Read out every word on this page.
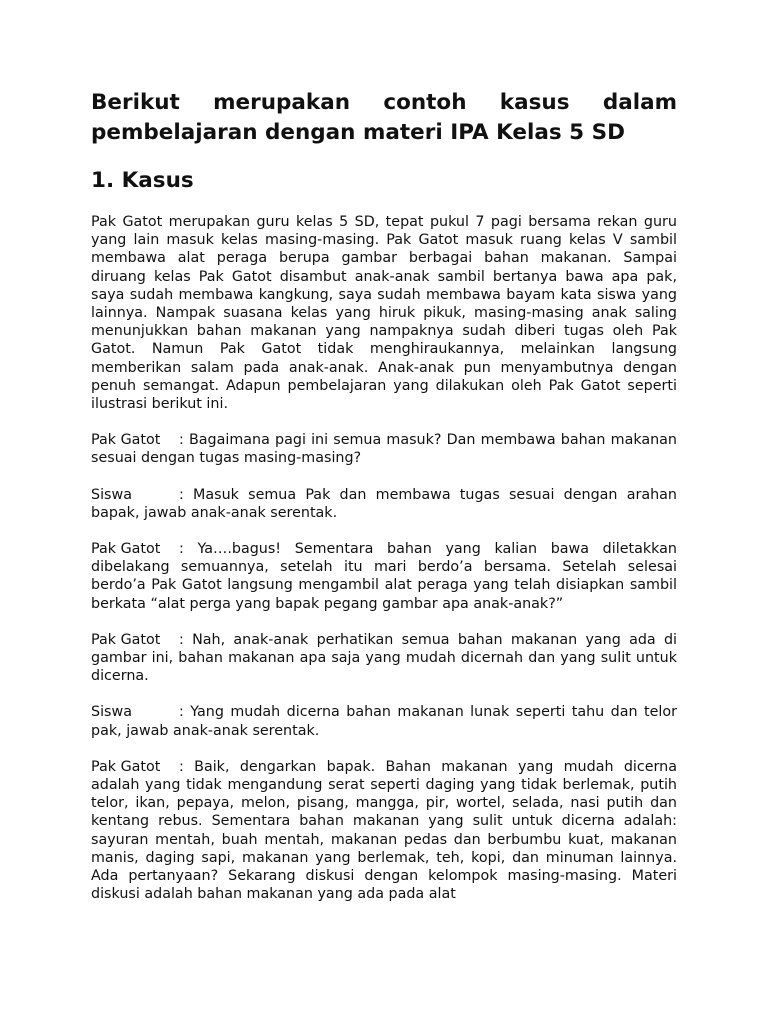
Berikut merupakan contoh kasus dalam pembelajaran dengan materi IPA Kelas 5 SD
1. Kasus

Pak Gatot merupakan guru kelas 5 SD, tepat pukul 7 pagi bersama rekan guru yang lain masuk kelas masing-masing. Pak Gatot masuk ruang kelas V sambil membawa alat peraga berupa gambar berbagai bahan makanan. Sampai diruang kelas Pak Gatot disambut anak-anak sambil bertanya bawa apa pak, saya sudah membawa kangkung, saya sudah membawa bayam kata siswa yang lainnya. Nampak suasana kelas yang hiruk pikuk, masing-masing anak saling menunjukkan bahan makanan yang nampaknya sudah diberi tugas oleh Pak Gatot. Namun Pak Gatot tidak menghiraukannya, melainkan langsung memberikan salam pada anak-anak. Anak-anak pun menyambutnya dengan penuh semangat. Adapun pembelajaran yang dilakukan oleh Pak Gatot seperti ilustrasi berikut ini.

Pak Gatot : Bagaimana pagi ini semua masuk? Dan membawa bahan makanan sesuai dengan tugas masing-masing?

Siswa	: Masuk semua Pak dan membawa tugas sesuai dengan arahan bapak, jawab anak-anak serentak.

Pak Gatot : Ya….bagus! Sementara bahan yang kalian bawa diletakkan dibelakang semuannya, setelah itu mari berdo’a bersama. Setelah selesai berdo’a Pak Gatot langsung mengambil alat peraga yang telah disiapkan sambil berkata “alat perga yang bapak pegang gambar apa anak-anak?”

Pak Gatot : Nah, anak-anak perhatikan semua bahan makanan yang ada di gambar ini, bahan makanan apa saja yang mudah dicernah dan yang sulit untuk dicerna.

Siswa	: Yang mudah dicerna bahan makanan lunak seperti tahu dan telor pak, jawab anak-anak serentak.

Pak Gatot : Baik, dengarkan bapak. Bahan makanan yang mudah dicerna adalah yang tidak mengandung serat seperti daging yang tidak berlemak, putih telor, ikan, pepaya, melon, pisang, mangga, pir, wortel, selada, nasi putih dan kentang rebus. Sementara bahan makanan yang sulit untuk dicerna adalah: sayuran mentah, buah mentah, makanan pedas dan berbumbu kuat, makanan manis, daging sapi, makanan yang berlemak, teh, kopi, dan minuman lainnya. Ada pertanyaan? Sekarang diskusi dengan kelompok masing-masing. Materi diskusi adalah bahan makanan yang ada pada alat
